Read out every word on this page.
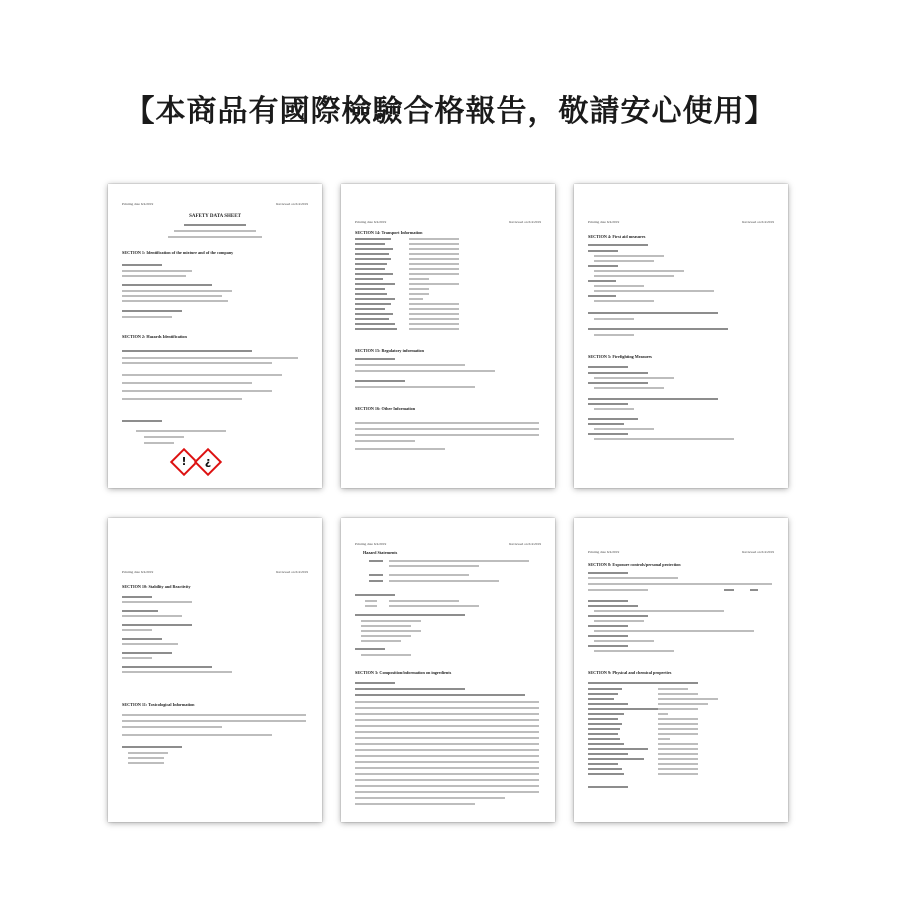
【本商品有國際檢驗合格報告，敬請安心使用】
Printing date 6/4/2019	Reviewed on 6/4/2019
SAFETY DATA SHEET
SECTION 1: Identification of the mixture and of the company
SECTION 2: Hazards Identification
!	¿
Printing date 6/4/2019	Reviewed on 6/4/2019
SECTION 14: Transport Information
SECTION 15: Regulatory information
SECTION 16: Other Information
Printing date 6/4/2019	Reviewed on 6/4/2019
SECTION 4: First aid measures
SECTION 5: Firefighting Measures
Printing date 6/4/2019	Reviewed on 6/4/2019
SECTION 10: Stability and Reactivity
SECTION 11: Toxicological Information
Printing date 6/4/2019	Reviewed on 6/4/2019
Hazard Statements
SECTION 3: Composition/information on ingredients
Printing date 6/4/2019	Reviewed on 6/4/2019
SECTION 8: Exposure controls/personal protection
SECTION 9: Physical and chemical properties
